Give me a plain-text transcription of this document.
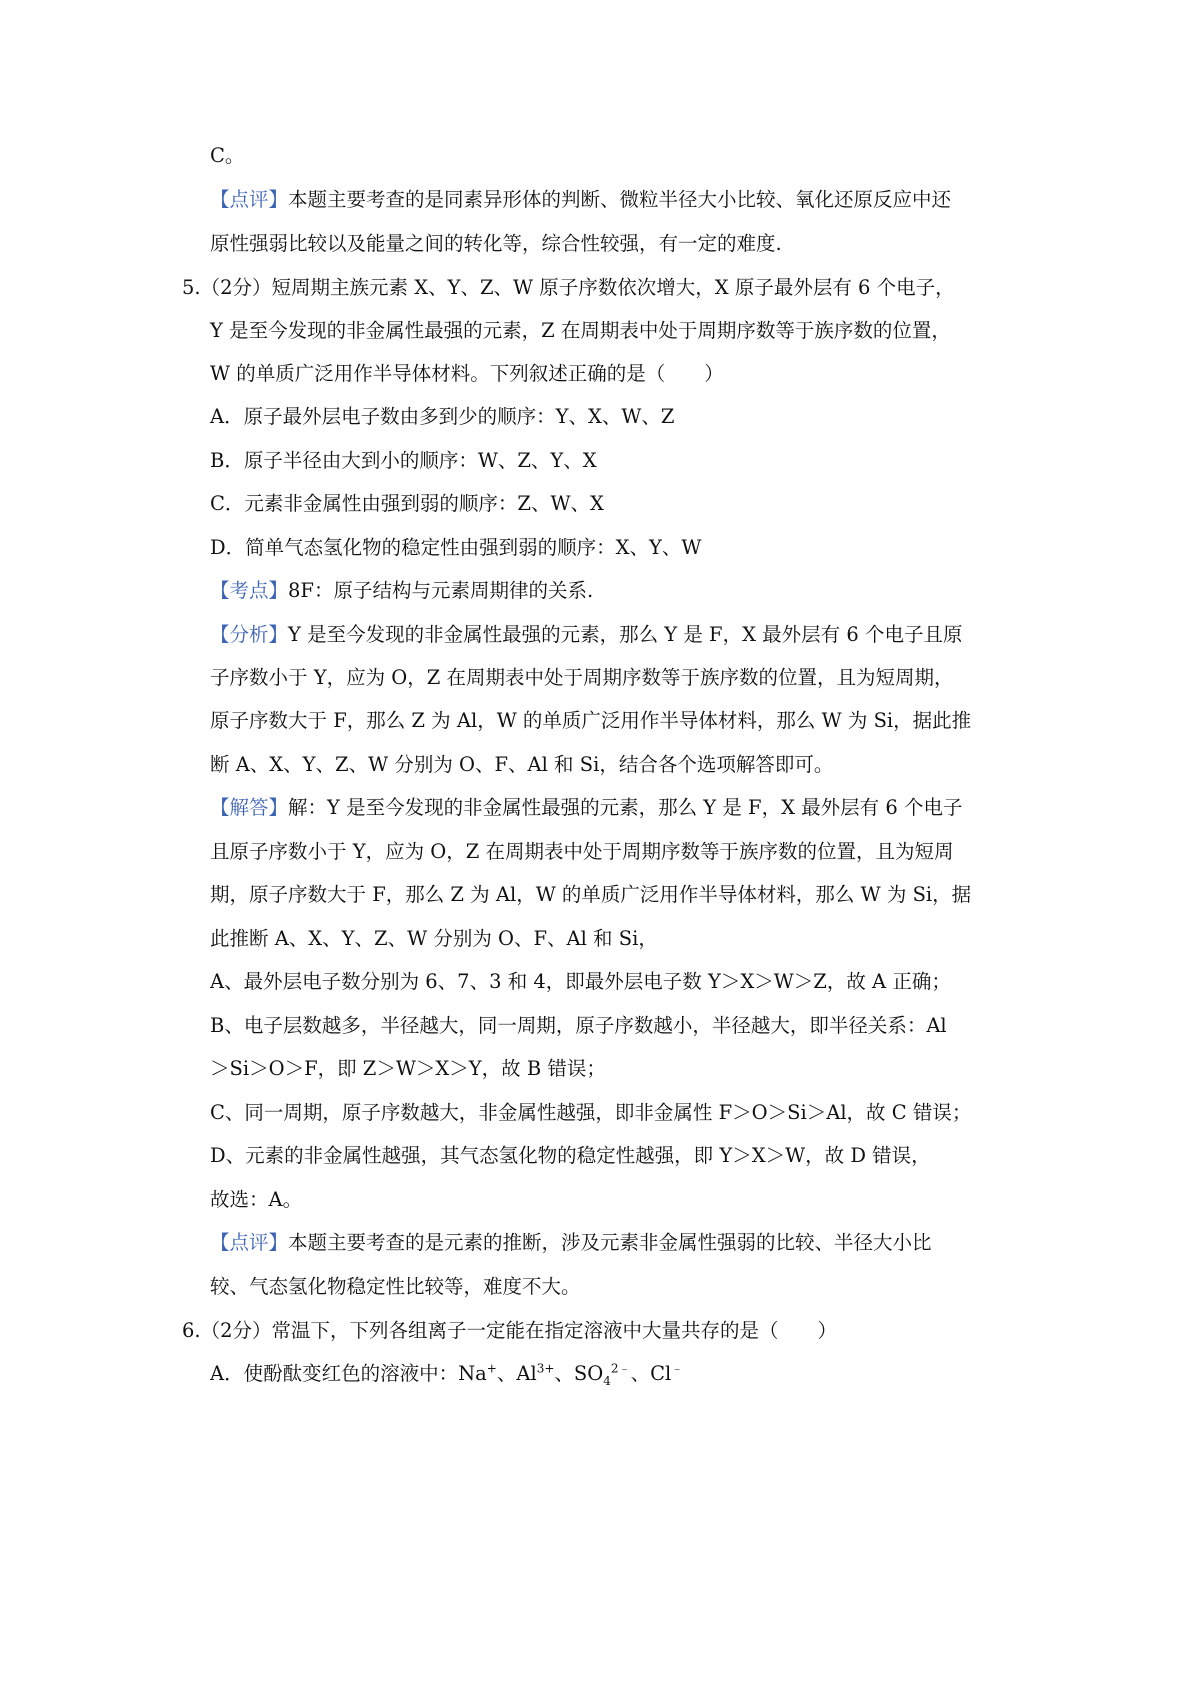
C。
【点评】本题主要考查的是同素异形体的判断、微粒半径大小比较、氧化还原反应中还
原性强弱比较以及能量之间的转化等，综合性较强，有一定的难度.
5.（2分）短周期主族元素 X、Y、Z、W 原子序数依次增大，X 原子最外层有 6 个电子，
Y 是至今发现的非金属性最强的元素，Z 在周期表中处于周期序数等于族序数的位置，
W 的单质广泛用作半导体材料。下列叙述正确的是（　　）
A．原子最外层电子数由多到少的顺序：Y、X、W、Z
B．原子半径由大到小的顺序：W、Z、Y、X
C．元素非金属性由强到弱的顺序：Z、W、X
D．简单气态氢化物的稳定性由强到弱的顺序：X、Y、W
【考点】8F：原子结构与元素周期律的关系.
【分析】Y 是至今发现的非金属性最强的元素，那么 Y 是 F，X 最外层有 6 个电子且原
子序数小于 Y，应为 O，Z 在周期表中处于周期序数等于族序数的位置，且为短周期，
原子序数大于 F，那么 Z 为 Al，W 的单质广泛用作半导体材料，那么 W 为 Si，据此推
断 A、X、Y、Z、W 分别为 O、F、Al 和 Si，结合各个选项解答即可。
【解答】解：Y 是至今发现的非金属性最强的元素，那么 Y 是 F，X 最外层有 6 个电子
且原子序数小于 Y，应为 O，Z 在周期表中处于周期序数等于族序数的位置，且为短周
期，原子序数大于 F，那么 Z 为 Al，W 的单质广泛用作半导体材料，那么 W 为 Si，据
此推断 A、X、Y、Z、W 分别为 O、F、Al 和 Si，
A、最外层电子数分别为 6、7、3 和 4，即最外层电子数 Y＞X＞W＞Z，故 A 正确；
B、电子层数越多，半径越大，同一周期，原子序数越小，半径越大，即半径关系：Al
＞Si＞O＞F，即 Z＞W＞X＞Y，故 B 错误；
C、同一周期，原子序数越大，非金属性越强，即非金属性 F＞O＞Si＞Al，故 C 错误；
D、元素的非金属性越强，其气态氢化物的稳定性越强，即 Y＞X＞W，故 D 错误，
故选：A。
【点评】本题主要考查的是元素的推断，涉及元素非金属性强弱的比较、半径大小比
较、气态氢化物稳定性比较等，难度不大。
6.（2分）常温下，下列各组离子一定能在指定溶液中大量共存的是（　　）
A．使酚酞变红色的溶液中：Na+、$Al^{3+}$、$SO_4^{2﹣}$、Cl﹣
